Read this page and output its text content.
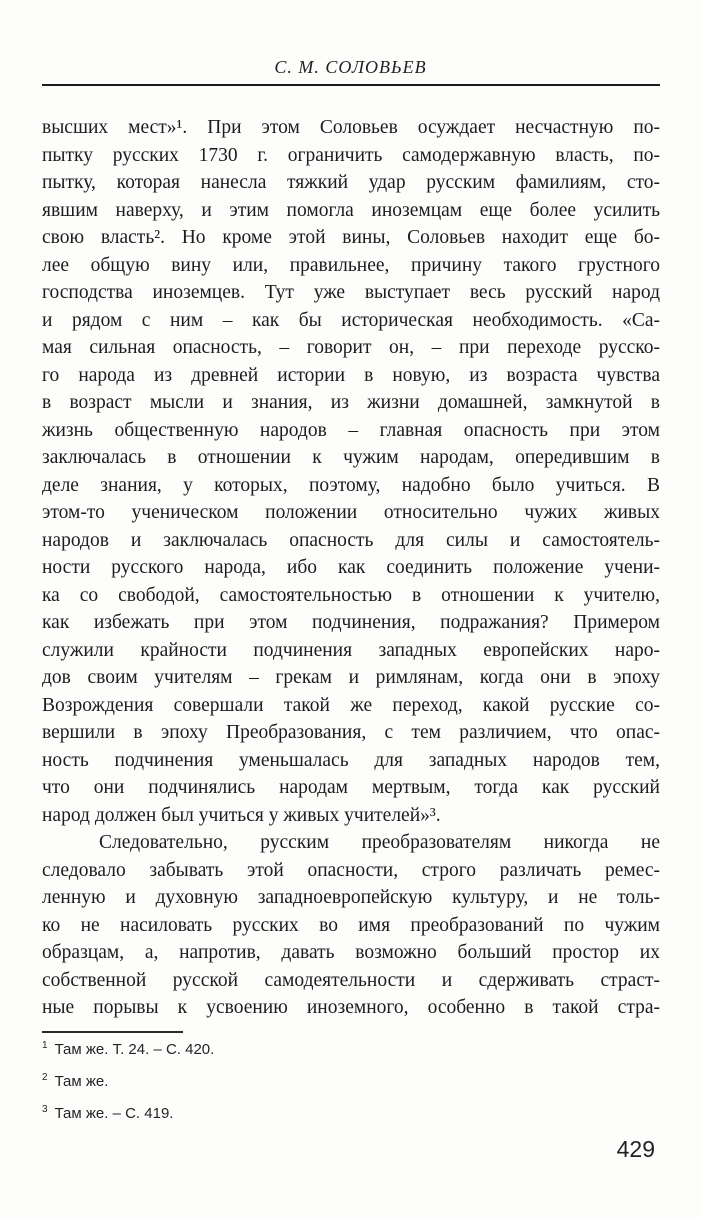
С. М. СОЛОВЬЕВ
высших мест»¹. При этом Соловьев осуждает несчастную по-
пытку русских 1730 г. ограничить самодержавную власть, по-
пытку, которая нанесла тяжкий удар русским фамилиям, сто-
явшим наверху, и этим помогла иноземцам еще более усилить
свою власть². Но кроме этой вины, Соловьев находит еще бо-
лее общую вину или, правильнее, причину такого грустного
господства иноземцев. Тут уже выступает весь русский народ
и рядом с ним – как бы историческая необходимость. «Са-
мая сильная опасность, – говорит он, – при переходе русско-
го народа из древней истории в новую, из возраста чувства
в возраст мысли и знания, из жизни домашней, замкнутой в
жизнь общественную народов – главная опасность при этом
заключалась в отношении к чужим народам, опередившим в
деле знания, у которых, поэтому, надобно было учиться. В
этом-то ученическом положении относительно чужих живых
народов и заключалась опасность для силы и самостоятель-
ности русского народа, ибо как соединить положение учени-
ка со свободой, самостоятельностью в отношении к учителю,
как избежать при этом подчинения, подражания? Примером
служили крайности подчинения западных европейских наро-
дов своим учителям – грекам и римлянам, когда они в эпоху
Возрождения совершали такой же переход, какой русские со-
вершили в эпоху Преобразования, с тем различием, что опас-
ность подчинения уменьшалась для западных народов тем,
что они подчинялись народам мертвым, тогда как русский
народ должен был учиться у живых учителей»³.
Следовательно, русским преобразователям никогда не
следовало забывать этой опасности, строго различать ремес-
ленную и духовную западноевропейскую культуру, и не толь-
ко не насиловать русских во имя преобразований по чужим
образцам, а, напротив, давать возможно больший простор их
собственной русской самодеятельности и сдерживать страст-
ные порывы к усвоению иноземного, особенно в такой стра-
$^1$ Там же. Т. 24. – С. 420.
$^2$ Там же.
$^3$ Там же. – С. 419.
429
